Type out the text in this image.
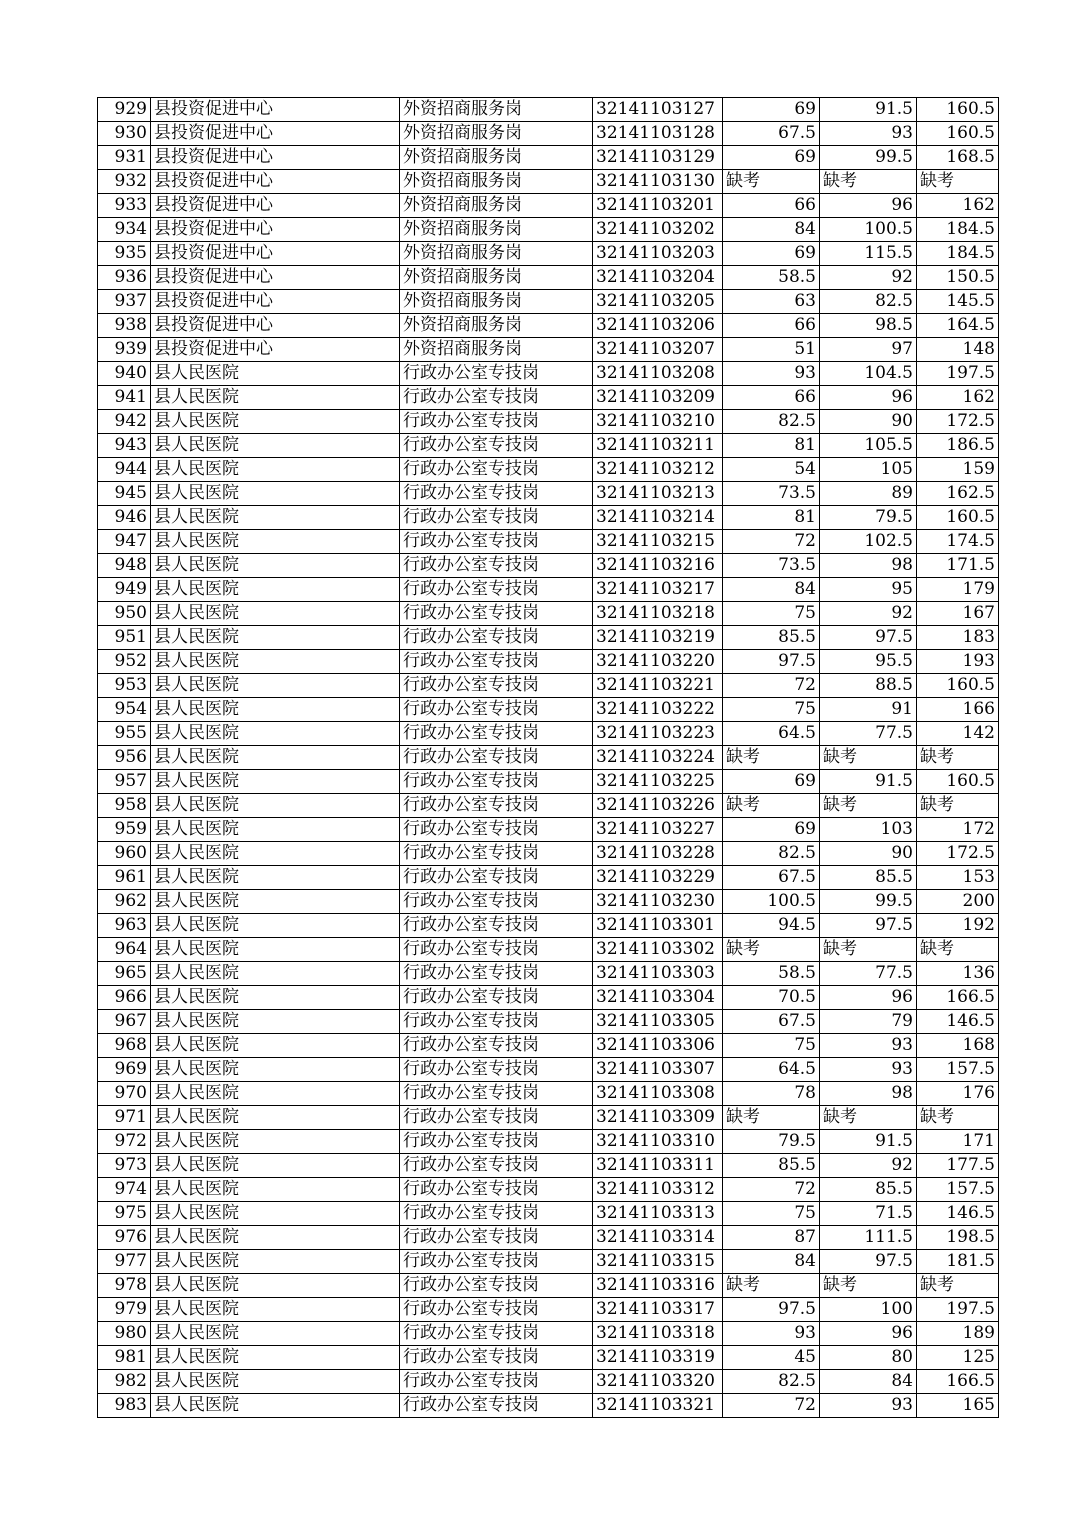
929	县投资促进中心	外资招商服务岗	32141103127	69	91.5	160.5
930	县投资促进中心	外资招商服务岗	32141103128	67.5	93	160.5
931	县投资促进中心	外资招商服务岗	32141103129	69	99.5	168.5
932	县投资促进中心	外资招商服务岗	32141103130	缺考	缺考	缺考
933	县投资促进中心	外资招商服务岗	32141103201	66	96	162
934	县投资促进中心	外资招商服务岗	32141103202	84	100.5	184.5
935	县投资促进中心	外资招商服务岗	32141103203	69	115.5	184.5
936	县投资促进中心	外资招商服务岗	32141103204	58.5	92	150.5
937	县投资促进中心	外资招商服务岗	32141103205	63	82.5	145.5
938	县投资促进中心	外资招商服务岗	32141103206	66	98.5	164.5
939	县投资促进中心	外资招商服务岗	32141103207	51	97	148
940	县人民医院	行政办公室专技岗	32141103208	93	104.5	197.5
941	县人民医院	行政办公室专技岗	32141103209	66	96	162
942	县人民医院	行政办公室专技岗	32141103210	82.5	90	172.5
943	县人民医院	行政办公室专技岗	32141103211	81	105.5	186.5
944	县人民医院	行政办公室专技岗	32141103212	54	105	159
945	县人民医院	行政办公室专技岗	32141103213	73.5	89	162.5
946	县人民医院	行政办公室专技岗	32141103214	81	79.5	160.5
947	县人民医院	行政办公室专技岗	32141103215	72	102.5	174.5
948	县人民医院	行政办公室专技岗	32141103216	73.5	98	171.5
949	县人民医院	行政办公室专技岗	32141103217	84	95	179
950	县人民医院	行政办公室专技岗	32141103218	75	92	167
951	县人民医院	行政办公室专技岗	32141103219	85.5	97.5	183
952	县人民医院	行政办公室专技岗	32141103220	97.5	95.5	193
953	县人民医院	行政办公室专技岗	32141103221	72	88.5	160.5
954	县人民医院	行政办公室专技岗	32141103222	75	91	166
955	县人民医院	行政办公室专技岗	32141103223	64.5	77.5	142
956	县人民医院	行政办公室专技岗	32141103224	缺考	缺考	缺考
957	县人民医院	行政办公室专技岗	32141103225	69	91.5	160.5
958	县人民医院	行政办公室专技岗	32141103226	缺考	缺考	缺考
959	县人民医院	行政办公室专技岗	32141103227	69	103	172
960	县人民医院	行政办公室专技岗	32141103228	82.5	90	172.5
961	县人民医院	行政办公室专技岗	32141103229	67.5	85.5	153
962	县人民医院	行政办公室专技岗	32141103230	100.5	99.5	200
963	县人民医院	行政办公室专技岗	32141103301	94.5	97.5	192
964	县人民医院	行政办公室专技岗	32141103302	缺考	缺考	缺考
965	县人民医院	行政办公室专技岗	32141103303	58.5	77.5	136
966	县人民医院	行政办公室专技岗	32141103304	70.5	96	166.5
967	县人民医院	行政办公室专技岗	32141103305	67.5	79	146.5
968	县人民医院	行政办公室专技岗	32141103306	75	93	168
969	县人民医院	行政办公室专技岗	32141103307	64.5	93	157.5
970	县人民医院	行政办公室专技岗	32141103308	78	98	176
971	县人民医院	行政办公室专技岗	32141103309	缺考	缺考	缺考
972	县人民医院	行政办公室专技岗	32141103310	79.5	91.5	171
973	县人民医院	行政办公室专技岗	32141103311	85.5	92	177.5
974	县人民医院	行政办公室专技岗	32141103312	72	85.5	157.5
975	县人民医院	行政办公室专技岗	32141103313	75	71.5	146.5
976	县人民医院	行政办公室专技岗	32141103314	87	111.5	198.5
977	县人民医院	行政办公室专技岗	32141103315	84	97.5	181.5
978	县人民医院	行政办公室专技岗	32141103316	缺考	缺考	缺考
979	县人民医院	行政办公室专技岗	32141103317	97.5	100	197.5
980	县人民医院	行政办公室专技岗	32141103318	93	96	189
981	县人民医院	行政办公室专技岗	32141103319	45	80	125
982	县人民医院	行政办公室专技岗	32141103320	82.5	84	166.5
983	县人民医院	行政办公室专技岗	32141103321	72	93	165
